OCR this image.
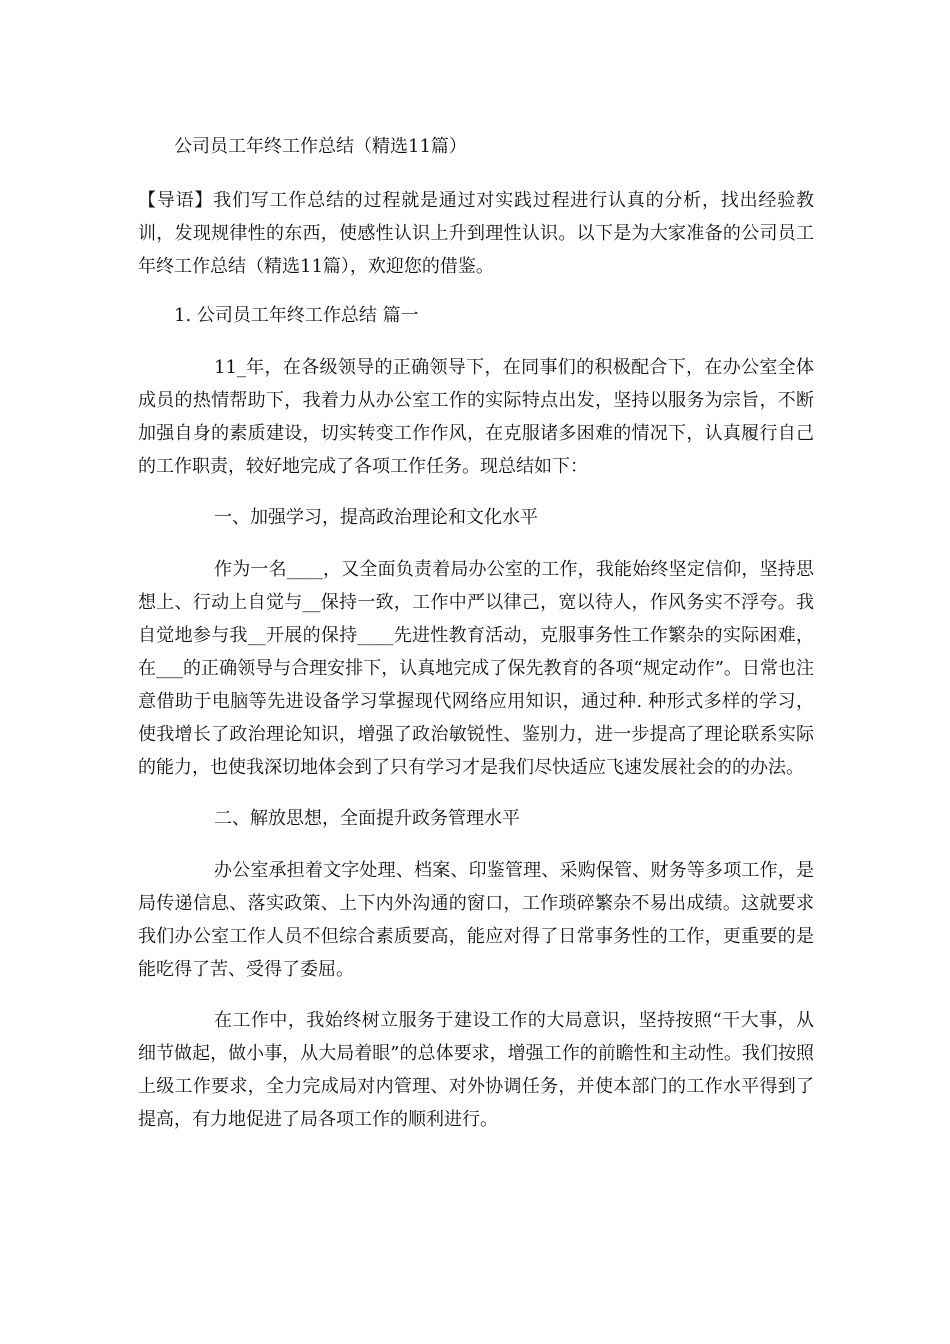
公司员工年终工作总结（精选11篇）

【导语】我们写工作总结的过程就是通过对实践过程进行认真的分析，找出经验教训，发现规律性的东西，使感性认识上升到理性认识。以下是为大家准备的公司员工年终工作总结（精选11篇），欢迎您的借鉴。

1. 公司员工年终工作总结 篇一

11_年，在各级领导的正确领导下，在同事们的积极配合下，在办公室全体成员的热情帮助下，我着力从办公室工作的实际特点出发，坚持以服务为宗旨，不断加强自身的素质建设，切实转变工作作风，在克服诸多困难的情况下，认真履行自己的工作职责，较好地完成了各项工作任务。现总结如下：

一、加强学习，提高政治理论和文化水平

作为一名____，又全面负责着局办公室的工作，我能始终坚定信仰，坚持思想上、行动上自觉与__保持一致，工作中严以律己，宽以待人，作风务实不浮夸。我自觉地参与我__开展的保持____先进性教育活动，克服事务性工作繁杂的实际困难，在___的正确领导与合理安排下，认真地完成了保先教育的各项“规定动作”。日常也注意借助于电脑等先进设备学习掌握现代网络应用知识，通过种. 种形式多样的学习，使我增长了政治理论知识，增强了政治敏锐性、鉴别力，进一步提高了理论联系实际的能力，也使我深切地体会到了只有学习才是我们尽快适应飞速发展社会的的办法。

二、解放思想，全面提升政务管理水平

办公室承担着文字处理、档案、印鉴管理、采购保管、财务等多项工作，是局传递信息、落实政策、上下内外沟通的窗口，工作琐碎繁杂不易出成绩。这就要求我们办公室工作人员不但综合素质要高，能应对得了日常事务性的工作，更重要的是能吃得了苦、受得了委屈。

在工作中，我始终树立服务于建设工作的大局意识，坚持按照“干大事，从细节做起，做小事，从大局着眼”的总体要求，增强工作的前瞻性和主动性。我们按照上级工作要求，全力完成局对内管理、对外协调任务，并使本部门的工作水平得到了提高，有力地促进了局各项工作的顺利进行。
